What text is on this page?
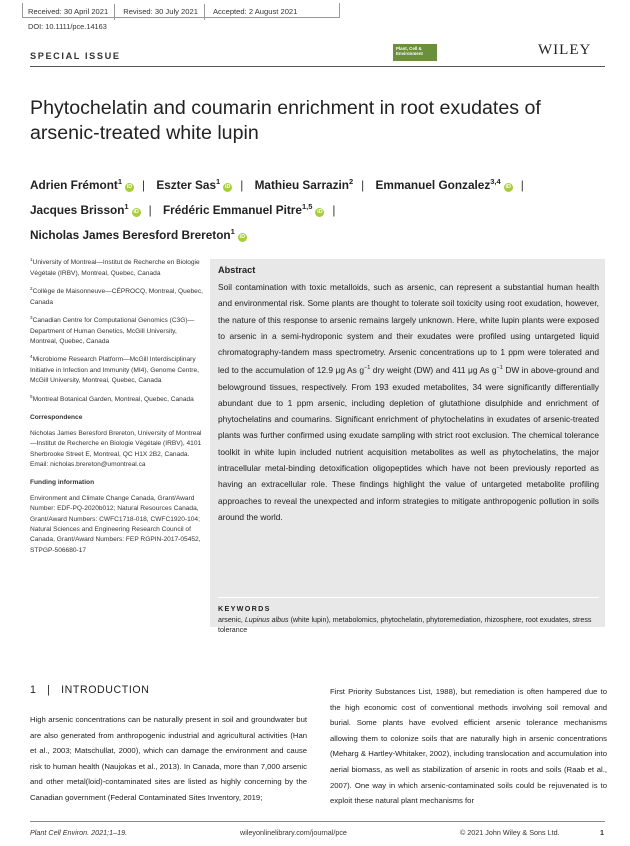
Received: 30 April 2021	Revised: 30 July 2021	Accepted: 2 August 2021
DOI: 10.1111/pce.14163
SPECIAL ISSUE
Plant, Cell & Environment	WILEY
Phytochelatin and coumarin enrichment in root exudates of arsenic-treated white lupin
Adrien Frémont$^1$iD | Eszter Sas$^1$iD | Mathieu Sarrazin$^2$ | Emmanuel Gonzalez$^{3,4}$iD |
Jacques Brisson$^1$iD | Frédéric Emmanuel Pitre$^{1,5}$iD |
Nicholas James Beresford Brereton$^1$iD

$^1$University of Montreal—Institut de Recherche en Biologie Végétale (IRBV), Montreal, Quebec, Canada

$^2$Collège de Maisonneuve—CÉPROCQ, Montreal, Quebec, Canada

$^3$Canadian Centre for Computational Genomics (C3G)—Department of Human Genetics, McGill University, Montreal, Quebec, Canada

$^4$Microbiome Research Platform—McGill Interdisciplinary Initiative in Infection and Immunity (MI4), Genome Centre, McGill University, Montreal, Quebec, Canada

$^5$Montreal Botanical Garden, Montreal, Quebec, Canada

Correspondence

Nicholas James Beresford Brereton, University of Montreal—Institut de Recherche en Biologie Végétale (IRBV), 4101 Sherbrooke Street E, Montreal, QC H1X 2B2, Canada.

Email: nicholas.brereton@umontreal.ca

Funding information

Environment and Climate Change Canada, Grant/Award Number: EDF-PQ-2020b012; Natural Resources Canada, Grant/Award Numbers: CWFC1718-018, CWFC1920-104; Natural Sciences and Engineering Research Council of Canada, Grant/Award Numbers: FEP RGPIN-2017-05452, STPGP-506680-17

Abstract
Soil contamination with toxic metalloids, such as arsenic, can represent a substantial human health and environmental risk. Some plants are thought to tolerate soil toxicity using root exudation, however, the nature of this response to arsenic remains largely unknown. Here, white lupin plants were exposed to arsenic in a semi-hydroponic system and their exudates were profiled using untargeted liquid chromatography-tandem mass spectrometry. Arsenic concentrations up to 1 ppm were tolerated and led to the accumulation of 12.9 μg As $g^{-1}$ dry weight (DW) and 411 μg As $g^{-1}$ DW in above-ground and belowground tissues, respectively. From 193 exuded metabolites, 34 were significantly differentially abundant due to 1 ppm arsenic, including depletion of glutathione disulphide and enrichment of phytochelatins and coumarins. Significant enrichment of phytochelatins in exudates of arsenic-treated plants was further confirmed using exudate sampling with strict root exclusion. The chemical tolerance toolkit in white lupin included nutrient acquisition metabolites as well as phytochelatins, the major intracellular metal-binding detoxification oligopeptides which have not been previously reported as having an extracellular role. These findings highlight the value of untargeted metabolite profiling approaches to reveal the unexpected and inform strategies to mitigate anthropogenic pollution in soils around the world.
KEYWORDS
arsenic, Lupinus albus (white lupin), metabolomics, phytochelatin, phytoremediation, rhizosphere, root exudates, stress tolerance
1   |   INTRODUCTION
High arsenic concentrations can be naturally present in soil and groundwater but are also generated from anthropogenic industrial and agricultural activities (Han et al., 2003; Matschullat, 2000), which can damage the environment and cause risk to human health (Naujokas et al., 2013). In Canada, more than 7,000 arsenic and other metal(loid)-contaminated sites are listed as highly concerning by the Canadian government (Federal Contaminated Sites Inventory, 2019;
First Priority Substances List, 1988), but remediation is often hampered due to the high economic cost of conventional methods involving soil removal and burial. Some plants have evolved efficient arsenic tolerance mechanisms allowing them to colonize soils that are naturally high in arsenic concentrations (Meharg & Hartley-Whitaker, 2002), including translocation and accumulation into aerial biomass, as well as stabilization of arsenic in roots and soils (Raab et al., 2007). One way in which arsenic-contaminated soils could be rejuvenated is to exploit these natural plant mechanisms for
Plant Cell Environ. 2021;1–19.	wileyonlinelibrary.com/journal/pce	© 2021 John Wiley & Sons Ltd.	1
